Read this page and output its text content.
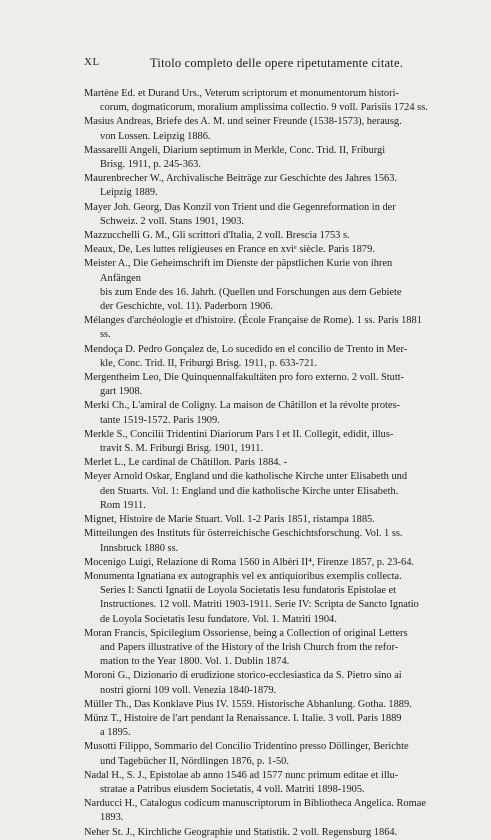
XL	Titolo completo delle opere ripetutamente citate.

Martène Ed. et Durand Urs., Veterum scriptorum et monumentorum histori-
corum, dogmaticorum, moralium amplissima collectio. 9 voll. Parisiis 1724 ss.

Masius Andreas, Briefe des A. M. und seiner Freunde (1538-1573), herausg.
von Lossen. Leipzig 1886.

Massarelli Angeli, Diarium septimum in Merkle, Conc. Trid. II, Friburgi
Brisg. 1911, p. 245-363.

Maurenbrecher W., Archivalische Beiträge zur Geschichte des Jahres 1563.
Leipzig 1889.

Mayer Joh. Georg, Das Konzil von Trient und die Gegenreformation in der
Schweiz. 2 voll. Stans 1901, 1903.

Mazzucchelli G. M., Gli scrittori d'Italia, 2 voll. Brescia 1753 s.

Meaux, De, Les luttes religieuses en France en xviᵉ siècle. Paris 1879.

Meister A., Die Geheimschrift im Dienste der päpstlichen Kurie von ihren Anfängen
bis zum Ende des 16. Jahrh. (Quellen und Forschungen aus dem Gebiete
der Geschichte, vol. 11). Paderborn 1906.

Mélanges d'archéologie et d'histoire. (École Française de Rome). 1 ss. Paris 1881 ss.

Mendoça D. Pedro Gonçalez de, Lo sucedido en el concilio de Trento in Mer-
kle, Conc. Trid. II, Friburgi Brisg. 1911, p. 633-721.

Mergentheim Leo, Die Quinquennalfakultäten pro foro externo. 2 voll. Stutt-
gart 1908.

Merki Ch., L'amiral de Coligny. La maison de Châtillon et la révolte protes-
tante 1519-1572. Paris 1909.

Merkle S., Concilii Tridentini Diariorum Pars I et II. Collegit, edidit, illus-
travit S. M. Friburgi Brisg. 1901, 1911.

Merlet L., Le cardinal de Châtillon. Paris 1884. -

Meyer Arnold Oskar, England und die katholische Kirche unter Elisabeth und
den Stuarts. Vol. 1: England und die katholische Kirche unter Elisabeth.
Rom 1911.

Mignet, Histoire de Marie Stuart. Voll. 1-2 Paris 1851, ristampa 1885.

Mitteilungen des Instituts für österreichische Geschichtsforschung. Vol. 1 ss.
Innsbruck 1880 ss.

Mocenigo Luigi, Relazione di Roma 1560 in Albèri II⁴, Firenze 1857, p. 23-64.

Monumenta Ignatiana ex autographis vel ex antiquioribus exemplis collecta.
Series I: Sancti Ignatii de Loyola Societatis Iesu fundatoris Epistolae et
Instructiones. 12 voll. Matriti 1903-1911. Serie IV: Scripta de Sancto Ignatio
de Loyola Societatis Iesu fundatore. Vol. 1. Matriti 1904.

Moran Francis, Spicilegium Ossoriense, being a Collection of original Letters
and Papers illustrative of the History of the Irish Church from the refor-
mation to the Year 1800. Vol. 1. Dublin 1874.

Moroni G., Dizionario di erudizione storico-ecclesiastica da S. Pietro sino ai
nostri giorni 109 voll. Venezia 1840-1879.

Müller Th., Das Konklave Pius IV. 1559. Historische Abhanlung. Gotha. 1889.

Münz T., Histoire de l'art pendant la Renaissance. I. Italie. 3 voll. Paris 1889
a 1895.

Musotti Filippo, Sommario del Concilio Tridentino presso Döllinger, Berichte
und Tagebücher II, Nördlingen 1876, p. 1-50.

Nadal H., S. J., Epistolae ab anno 1546 ad 1577 nunc primum editae et illu-
stratae a Patribus eiusdem Societatis, 4 voll. Matriti 1898-1905.

Narducci H., Catalogus codicum manuscriptorum in Bibliotheca Angelica. Romae
1893.

Neher St. J., Kirchliche Geographie und Statistik. 2 voll. Regensburg 1864.
